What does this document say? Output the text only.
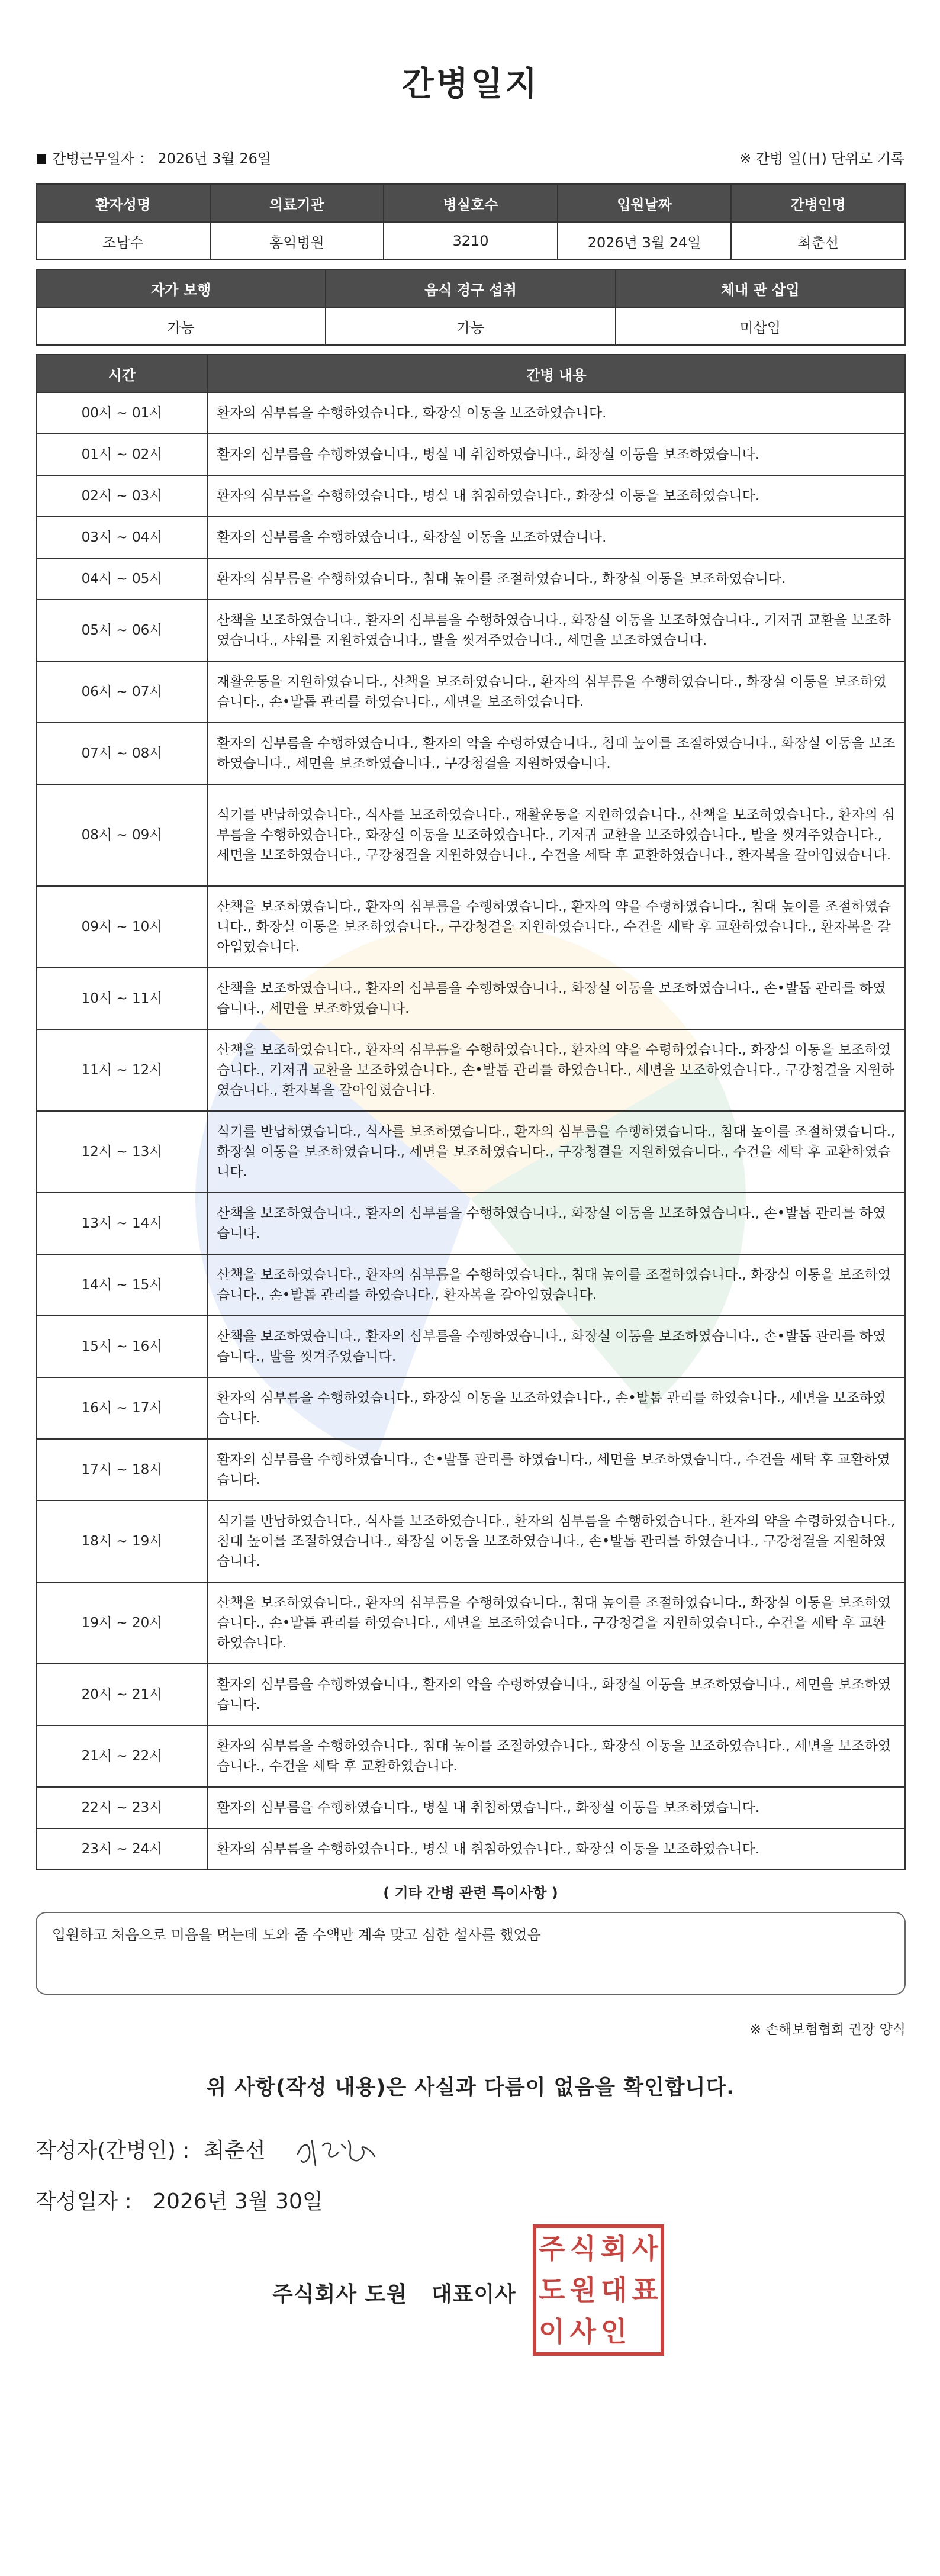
간병일지
간병근무일자 ： 2026년 3월 26일	※ 간병 일(日) 단위로 기록
환자성명	의료기관	병실호수	입원날짜	간병인명
조남수	홍익병원	3210	2026년 3월 24일	최춘선
자가 보행	음식 경구 섭취	체내 관 삽입
가능	가능	미삽입
시간	간병 내용
00시 ~ 01시	환자의 심부름을 수행하였습니다., 화장실 이동을 보조하였습니다.
01시 ~ 02시	환자의 심부름을 수행하였습니다., 병실 내 취침하였습니다., 화장실 이동을 보조하였습니다.
02시 ~ 03시	환자의 심부름을 수행하였습니다., 병실 내 취침하였습니다., 화장실 이동을 보조하였습니다.
03시 ~ 04시	환자의 심부름을 수행하였습니다., 화장실 이동을 보조하였습니다.
04시 ~ 05시	환자의 심부름을 수행하였습니다., 침대 높이를 조절하였습니다., 화장실 이동을 보조하였습니다.
05시 ~ 06시	산책을 보조하였습니다., 환자의 심부름을 수행하였습니다., 화장실 이동을 보조하였습니다., 기저귀 교환을 보조하였습니다., 샤워를 지원하였습니다., 발을 씻겨주었습니다., 세면을 보조하였습니다.
06시 ~ 07시	재활운동을 지원하였습니다., 산책을 보조하였습니다., 환자의 심부름을 수행하였습니다., 화장실 이동을 보조하였습니다., 손•발톱 관리를 하였습니다., 세면을 보조하였습니다.
07시 ~ 08시	환자의 심부름을 수행하였습니다., 환자의 약을 수령하였습니다., 침대 높이를 조절하였습니다., 화장실 이동을 보조하였습니다., 세면을 보조하였습니다., 구강청결을 지원하였습니다.
08시 ~ 09시	식기를 반납하였습니다., 식사를 보조하였습니다., 재활운동을 지원하였습니다., 산책을 보조하였습니다., 환자의 심부름을 수행하였습니다., 화장실 이동을 보조하였습니다., 기저귀 교환을 보조하였습니다., 발을 씻겨주었습니다., 세면을 보조하였습니다., 구강청결을 지원하였습니다., 수건을 세탁 후 교환하였습니다., 환자복을 갈아입혔습니다.
09시 ~ 10시	산책을 보조하였습니다., 환자의 심부름을 수행하였습니다., 환자의 약을 수령하였습니다., 침대 높이를 조절하였습니다., 화장실 이동을 보조하였습니다., 구강청결을 지원하였습니다., 수건을 세탁 후 교환하였습니다., 환자복을 갈아입혔습니다.
10시 ~ 11시	산책을 보조하였습니다., 환자의 심부름을 수행하였습니다., 화장실 이동을 보조하였습니다., 손•발톱 관리를 하였습니다., 세면을 보조하였습니다.
11시 ~ 12시	산책을 보조하였습니다., 환자의 심부름을 수행하였습니다., 환자의 약을 수령하였습니다., 화장실 이동을 보조하였습니다., 기저귀 교환을 보조하였습니다., 손•발톱 관리를 하였습니다., 세면을 보조하였습니다., 구강청결을 지원하였습니다., 환자복을 갈아입혔습니다.
12시 ~ 13시	식기를 반납하였습니다., 식사를 보조하였습니다., 환자의 심부름을 수행하였습니다., 침대 높이를 조절하였습니다., 화장실 이동을 보조하였습니다., 세면을 보조하였습니다., 구강청결을 지원하였습니다., 수건을 세탁 후 교환하였습니다.
13시 ~ 14시	산책을 보조하였습니다., 환자의 심부름을 수행하였습니다., 화장실 이동을 보조하였습니다., 손•발톱 관리를 하였습니다.
14시 ~ 15시	산책을 보조하였습니다., 환자의 심부름을 수행하였습니다., 침대 높이를 조절하였습니다., 화장실 이동을 보조하였습니다., 손•발톱 관리를 하였습니다., 환자복을 갈아입혔습니다.
15시 ~ 16시	산책을 보조하였습니다., 환자의 심부름을 수행하였습니다., 화장실 이동을 보조하였습니다., 손•발톱 관리를 하였습니다., 발을 씻겨주었습니다.
16시 ~ 17시	환자의 심부름을 수행하였습니다., 화장실 이동을 보조하였습니다., 손•발톱 관리를 하였습니다., 세면을 보조하였습니다.
17시 ~ 18시	환자의 심부름을 수행하였습니다., 손•발톱 관리를 하였습니다., 세면을 보조하였습니다., 수건을 세탁 후 교환하였습니다.
18시 ~ 19시	식기를 반납하였습니다., 식사를 보조하였습니다., 환자의 심부름을 수행하였습니다., 환자의 약을 수령하였습니다., 침대 높이를 조절하였습니다., 화장실 이동을 보조하였습니다., 손•발톱 관리를 하였습니다., 구강청결을 지원하였습니다.
19시 ~ 20시	산책을 보조하였습니다., 환자의 심부름을 수행하였습니다., 침대 높이를 조절하였습니다., 화장실 이동을 보조하였습니다., 손•발톱 관리를 하였습니다., 세면을 보조하였습니다., 구강청결을 지원하였습니다., 수건을 세탁 후 교환하였습니다.
20시 ~ 21시	환자의 심부름을 수행하였습니다., 환자의 약을 수령하였습니다., 화장실 이동을 보조하였습니다., 세면을 보조하였습니다.
21시 ~ 22시	환자의 심부름을 수행하였습니다., 침대 높이를 조절하였습니다., 화장실 이동을 보조하였습니다., 세면을 보조하였습니다., 수건을 세탁 후 교환하였습니다.
22시 ~ 23시	환자의 심부름을 수행하였습니다., 병실 내 취침하였습니다., 화장실 이동을 보조하였습니다.
23시 ~ 24시	환자의 심부름을 수행하였습니다., 병실 내 취침하였습니다., 화장실 이동을 보조하였습니다.
( 기타 간병 관련 특이사항 )
입원하고 처음으로 미음을 먹는데 도와 줌 수액만 계속 맞고 심한 설사를 했었음
※ 손해보험협회 권장 양식
위 사항(작성 내용)은 사실과 다름이 없음을 확인합니다.
작성자(간병인) : 최춘선
작성일자 : 2026년 3월 30일
주식회사 도원   대표이사
주 식 회 사
도 원 대 표
이 사 인
